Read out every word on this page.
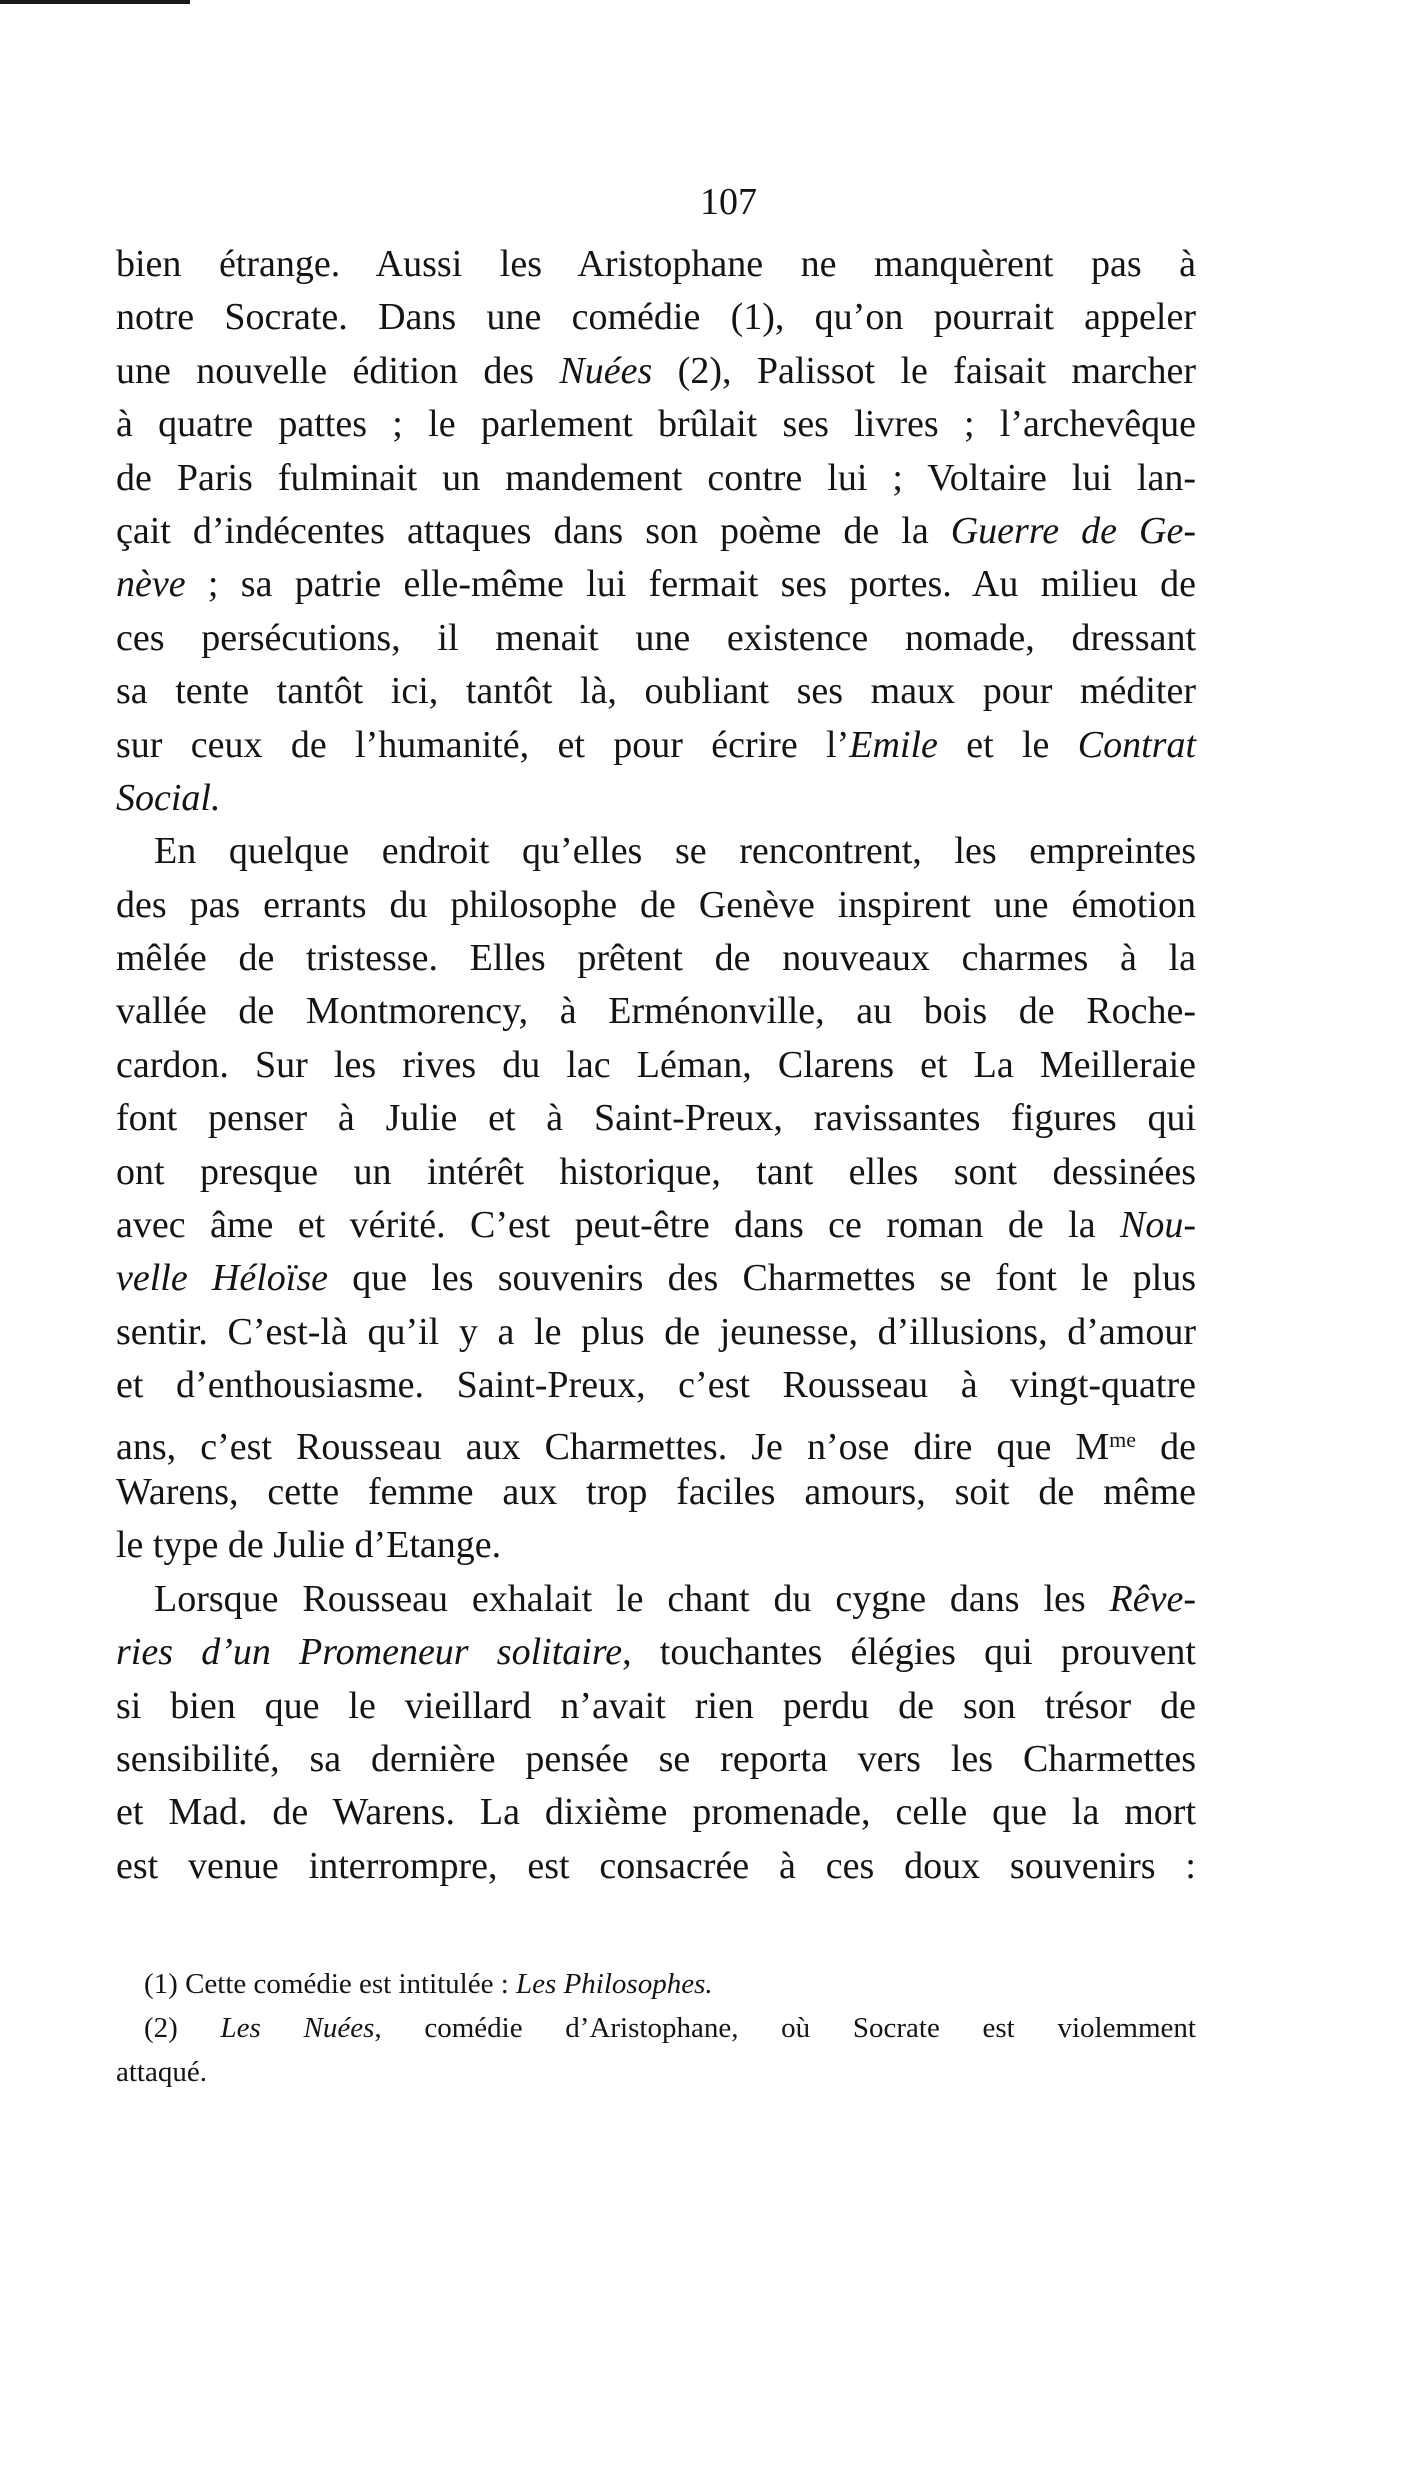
107
bien étrange. Aussi les Aristophane ne manquèrent pas à
notre Socrate. Dans une comédie (1), qu’on pourrait appeler
une nouvelle édition des Nuées (2), Palissot le faisait marcher
à quatre pattes ; le parlement brûlait ses livres ; l’archevêque
de Paris fulminait un mandement contre lui ; Voltaire lui lan-
çait d’indécentes attaques dans son poème de la Guerre de Ge-
nève ; sa patrie elle-même lui fermait ses portes. Au milieu de
ces persécutions, il menait une existence nomade, dressant
sa tente tantôt ici, tantôt là, oubliant ses maux pour méditer
sur ceux de l’humanité, et pour écrire l’Emile et le Contrat
Social.
En quelque endroit qu’elles se rencontrent, les empreintes
des pas errants du philosophe de Genève inspirent une émotion
mêlée de tristesse. Elles prêtent de nouveaux charmes à la
vallée de Montmorency, à Erménonville, au bois de Roche-
cardon. Sur les rives du lac Léman, Clarens et La Meilleraie
font penser à Julie et à Saint-Preux, ravissantes figures qui
ont presque un intérêt historique, tant elles sont dessinées
avec âme et vérité. C’est peut-être dans ce roman de la Nou-
velle Héloïse que les souvenirs des Charmettes se font le plus
sentir. C’est-là qu’il y a le plus de jeunesse, d’illusions, d’amour
et d’enthousiasme. Saint-Preux, c’est Rousseau à vingt-quatre
ans, c’est Rousseau aux Charmettes. Je n’ose dire que $M^{me}$ de
Warens, cette femme aux trop faciles amours, soit de même
le type de Julie d’Etange.
Lorsque Rousseau exhalait le chant du cygne dans les Rêve-
ries d’un Promeneur solitaire, touchantes élégies qui prouvent
si bien que le vieillard n’avait rien perdu de son trésor de
sensibilité, sa dernière pensée se reporta vers les Charmettes
et Mad. de Warens. La dixième promenade, celle que la mort
est venue interrompre, est consacrée à ces doux souvenirs :
(1) Cette comédie est intitulée : Les Philosophes.
(2) Les Nuées, comédie d’Aristophane, où Socrate est violemment
attaqué.
